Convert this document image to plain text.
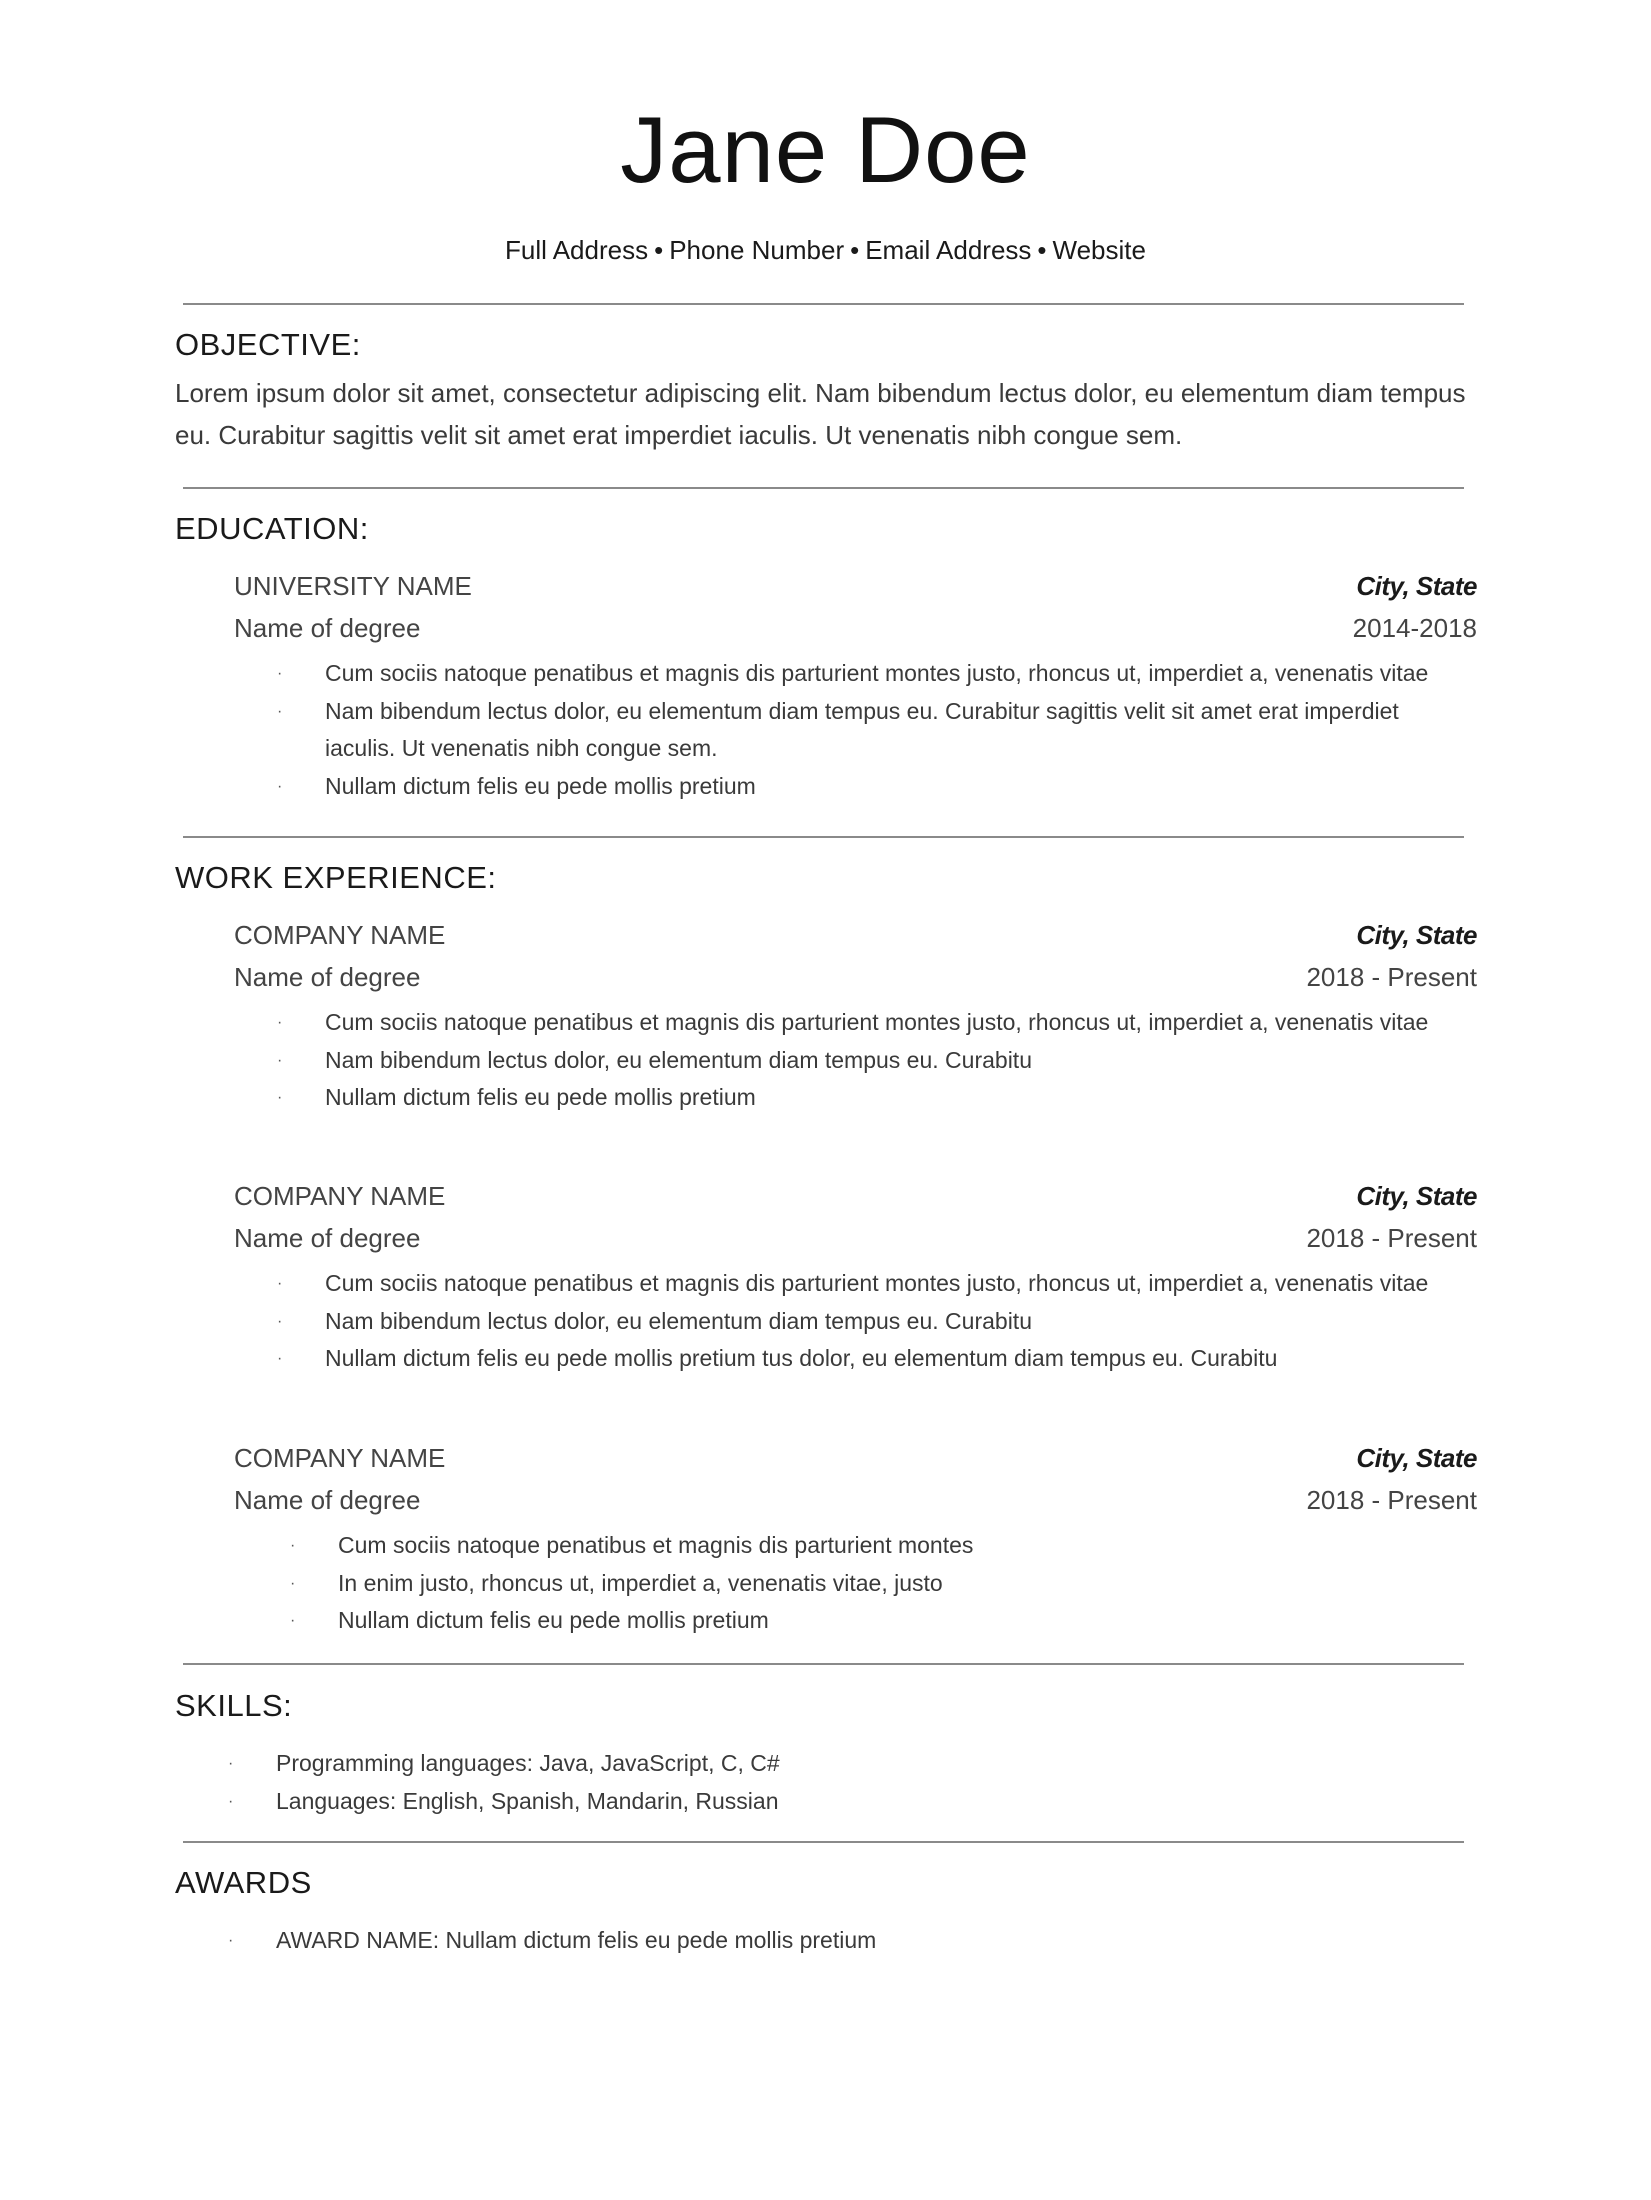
Jane Doe
Full Address • Phone Number • Email Address • Website
OBJECTIVE:
Lorem ipsum dolor sit amet, consectetur adipiscing elit. Nam bibendum lectus dolor, eu elementum diam tempus
eu. Curabitur sagittis velit sit amet erat imperdiet iaculis. Ut venenatis nibh congue sem.
EDUCATION:
UNIVERSITY NAME	City, State
Name of degree	2014-2018
· Cum sociis natoque penatibus et magnis dis parturient montes justo, rhoncus ut, imperdiet a, venenatis vitae
· Nam bibendum lectus dolor, eu elementum diam tempus eu. Curabitur sagittis velit sit amet erat imperdiet
iaculis. Ut venenatis nibh congue sem.
· Nullam dictum felis eu pede mollis pretium
WORK EXPERIENCE:
COMPANY NAME	City, State
Name of degree	2018 - Present
· Cum sociis natoque penatibus et magnis dis parturient montes justo, rhoncus ut, imperdiet a, venenatis vitae
· Nam bibendum lectus dolor, eu elementum diam tempus eu. Curabitu
· Nullam dictum felis eu pede mollis pretium
COMPANY NAME	City, State
Name of degree	2018 - Present
· Cum sociis natoque penatibus et magnis dis parturient montes justo, rhoncus ut, imperdiet a, venenatis vitae
· Nam bibendum lectus dolor, eu elementum diam tempus eu. Curabitu
· Nullam dictum felis eu pede mollis pretium tus dolor, eu elementum diam tempus eu. Curabitu
COMPANY NAME	City, State
Name of degree	2018 - Present
· Cum sociis natoque penatibus et magnis dis parturient montes
· In enim justo, rhoncus ut, imperdiet a, venenatis vitae, justo
· Nullam dictum felis eu pede mollis pretium
SKILLS:
· Programming languages: Java, JavaScript, C, C#
· Languages: English, Spanish, Mandarin, Russian
AWARDS
· AWARD NAME: Nullam dictum felis eu pede mollis pretium
